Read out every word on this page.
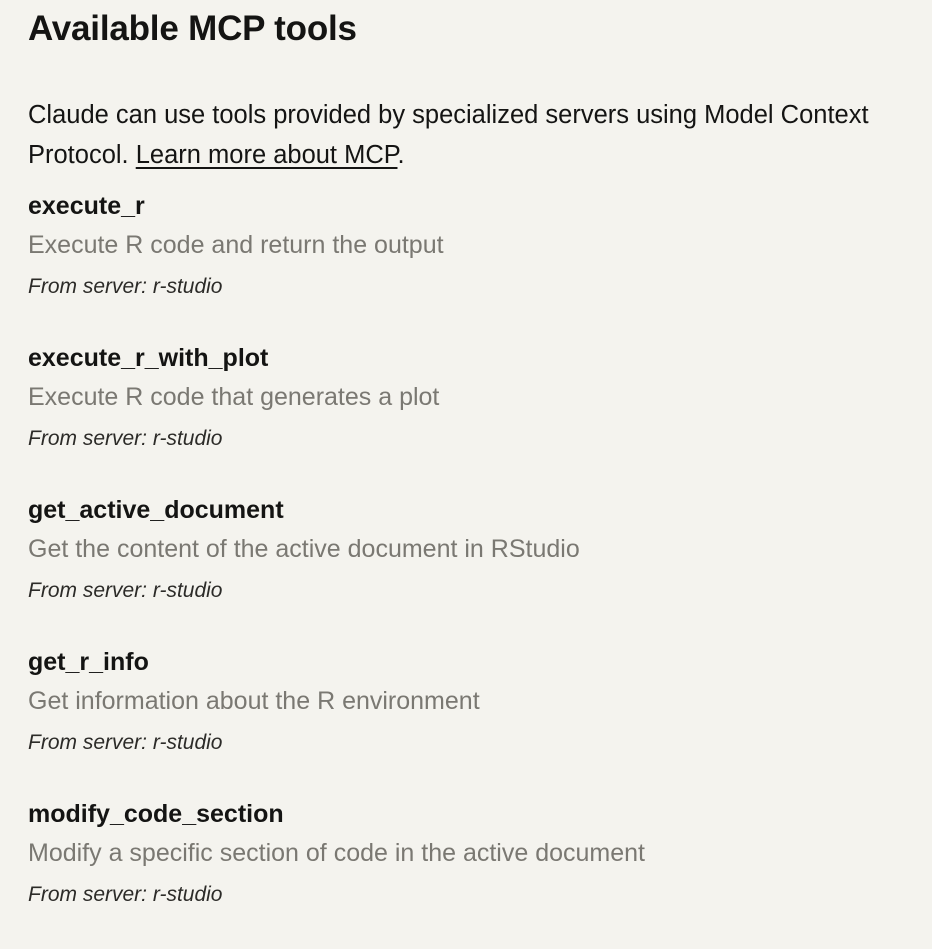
Available MCP tools

Claude can use tools provided by specialized servers using Model Context Protocol. Learn more about MCP.

execute_r
Execute R code and return the output
From server: r-studio
execute_r_with_plot
Execute R code that generates a plot
From server: r-studio
get_active_document
Get the content of the active document in RStudio
From server: r-studio
get_r_info
Get information about the R environment
From server: r-studio
modify_code_section
Modify a specific section of code in the active document
From server: r-studio
